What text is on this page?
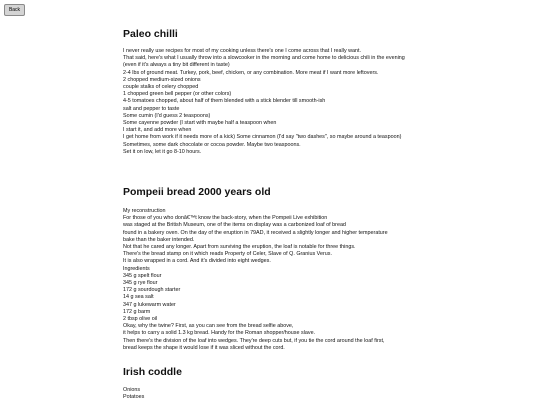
Back
Paleo chilli
I never really use recipes for most of my cooking unless there's one I come across that I really want.
That said, here's what I usually throw into a slowcooker in the morning and come home to delicious chili in the evening
(even if it's always a tiny bit different in taste)
2-4 lbs of ground meat. Turkey, pork, beef, chicken, or any combination. More meat if I want more leftovers.
2 chopped medium-sized onions
couple stalks of celery chopped
1 chopped green bell pepper (or other colors)
4-5 tomatoes chopped, about half of them blended with a stick blender till smooth-ish
salt and pepper to taste
Some cumin (I'd guess 2 teaspoons)
Some cayenne powder (I start with maybe half a teaspoon when
I start it, and add more when
I get home from work if it needs more of a kick) Some cinnamon (I'd say "two dashes", so maybe around a teaspoon)
Sometimes, some dark chocolate or cocoa powder. Maybe two teaspoons.
Set it on low, let it go 8-10 hours.
Pompeii bread 2000 years old
My reconstruction
For those of you who donâ€™t know the back-story, when the Pompeii Live exhibition
was staged at the British Museum, one of the items on display was a carbonized loaf of bread
found in a bakery oven. On the day of the eruption in 79AD, it received a slightly longer and higher temperature
bake than the baker intended.
Not that he cared any longer. Apart from surviving the eruption, the loaf is notable for three things.
There's the bread stamp on it which reads Property of Celer, Slave of Q. Granius Verus.
It is also wrapped in a cord. And it's divided into eight wedges.
Ingredients
345 g spelt flour
345 g rye flour
172 g sourdough starter
14 g sea salt
347 g lukewarm water
172 g barm
2 tbsp olive oil
Okay, why the twine? First, as you can see from the bread selfie above,
it helps to carry a solid 1.3 kg bread. Handy for the Roman shopper/house slave.
Then there's the division of the loaf into wedges. They're deep cuts but, if you tie the cord around the loaf first,
bread keeps the shape it would lose if it was sliced without the cord.
Irish coddle
Onions
Potatoes
